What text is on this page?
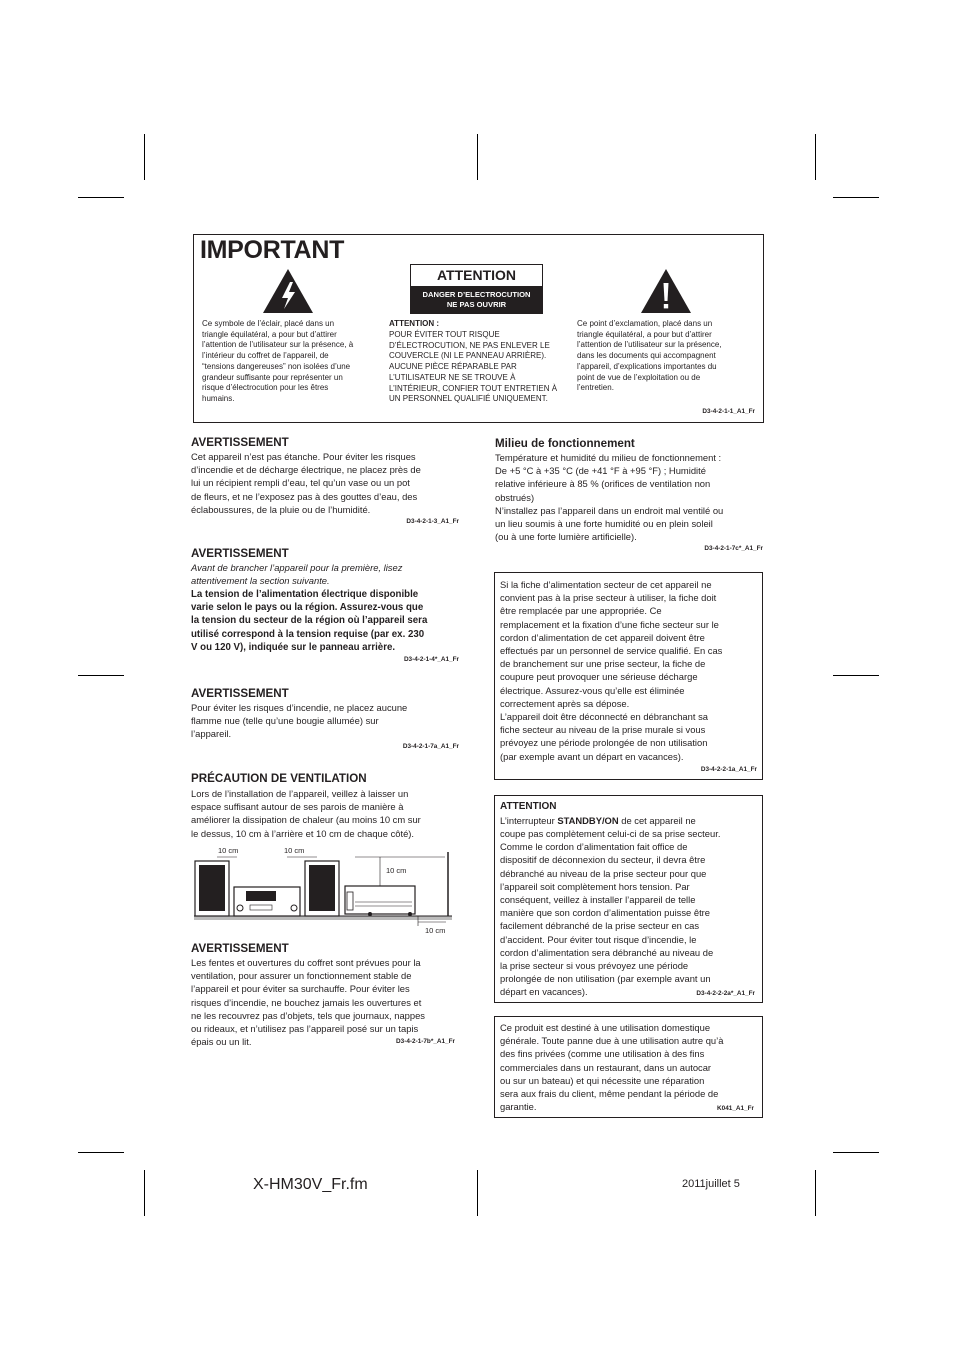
IMPORTANT
ATTENTION
DANGER D’ELECTROCUTION
NE PAS OUVRIR
Ce symbole de l’éclair, placé dans un
triangle équilatéral, a pour but d’attirer
l’attention de l’utilisateur sur la présence, à
l’intérieur du coffret de l’appareil, de
“tensions dangereuses” non isolées d’une
grandeur suffisante pour représenter un
risque d’électrocution pour les êtres
humains.
ATTENTION :
POUR ÉVITER TOUT RISQUE
D’ÉLECTROCUTION, NE PAS ENLEVER LE
COUVERCLE (NI LE PANNEAU ARRIÈRE).
AUCUNE PIÈCE RÉPARABLE PAR
L’UTILISATEUR NE SE TROUVE À
L’INTÉRIEUR, CONFIER TOUT ENTRETIEN À
UN PERSONNEL QUALIFIÉ UNIQUEMENT.
Ce point d’exclamation, placé dans un
triangle équilatéral, a pour but d’attirer
l’attention de l’utilisateur sur la présence,
dans les documents qui accompagnent
l’appareil, d’explications importantes du
point de vue de l’exploitation ou de
l’entretien.
D3-4-2-1-1_A1_Fr
AVERTISSEMENT
Cet appareil n’est pas étanche. Pour éviter les risques
d’incendie et de décharge électrique, ne placez près de
lui un récipient rempli d’eau, tel qu’un vase ou un pot
de fleurs, et ne l’exposez pas à des gouttes d’eau, des
éclaboussures, de la pluie ou de l’humidité.
D3-4-2-1-3_A1_Fr
AVERTISSEMENT
Avant de brancher l’appareil pour la première, lisez
attentivement la section suivante.
La tension de l’alimentation électrique disponible
varie selon le pays ou la région. Assurez-vous que
la tension du secteur de la région où l’appareil sera
utilisé correspond à la tension requise (par ex. 230
V ou 120 V), indiquée sur le panneau arrière.
D3-4-2-1-4*_A1_Fr
AVERTISSEMENT
Pour éviter les risques d’incendie, ne placez aucune
flamme nue (telle qu’une bougie allumée) sur
l’appareil.
D3-4-2-1-7a_A1_Fr
PRÉCAUTION DE VENTILATION
Lors de l’installation de l’appareil, veillez à laisser un
espace suffisant autour de ses parois de manière à
améliorer la dissipation de chaleur (au moins 10 cm sur
le dessus, 10 cm à l’arrière et 10 cm de chaque côté).
10 cm	10 cm
10 cm
10 cm
AVERTISSEMENT
Les fentes et ouvertures du coffret sont prévues pour la
ventilation, pour assurer un fonctionnement stable de
l’appareil et pour éviter sa surchauffe. Pour éviter les
risques d’incendie, ne bouchez jamais les ouvertures et
ne les recouvrez pas d’objets, tels que journaux, nappes
ou rideaux, et n’utilisez pas l’appareil posé sur un tapis
épais ou un lit.	D3-4-2-1-7b*_A1_Fr
Milieu de fonctionnement
Température et humidité du milieu de fonctionnement :
De +5 °C à +35 °C (de +41 °F à +95 °F) ; Humidité
relative inférieure à 85 % (orifices de ventilation non
obstrués)
N’installez pas l’appareil dans un endroit mal ventilé ou
un lieu soumis à une forte humidité ou en plein soleil
(ou à une forte lumière artificielle).
D3-4-2-1-7c*_A1_Fr
Si la fiche d’alimentation secteur de cet appareil ne
convient pas à la prise secteur à utiliser, la fiche doit
être remplacée par une appropriée. Ce
remplacement et la fixation d’une fiche secteur sur le
cordon d’alimentation de cet appareil doivent être
effectués par un personnel de service qualifié. En cas
de branchement sur une prise secteur, la fiche de
coupure peut provoquer une sérieuse décharge
électrique. Assurez-vous qu’elle est éliminée
correctement après sa dépose.
L’appareil doit être déconnecté en débranchant sa
fiche secteur au niveau de la prise murale si vous
prévoyez une période prolongée de non utilisation
(par exemple avant un départ en vacances).
D3-4-2-2-1a_A1_Fr
ATTENTION
L’interrupteur STANDBY/ON de cet appareil ne
coupe pas complètement celui-ci de sa prise secteur.
Comme le cordon d’alimentation fait office de
dispositif de déconnexion du secteur, il devra être
débranché au niveau de la prise secteur pour que
l’appareil soit complètement hors tension. Par
conséquent, veillez à installer l’appareil de telle
manière que son cordon d’alimentation puisse être
facilement débranché de la prise secteur en cas
d’accident. Pour éviter tout risque d’incendie, le
cordon d’alimentation sera débranché au niveau de
la prise secteur si vous prévoyez une période
prolongée de non utilisation (par exemple avant un
départ en vacances).	D3-4-2-2-2a*_A1_Fr
Ce produit est destiné à une utilisation domestique
générale. Toute panne due à une utilisation autre qu’à
des fins privées (comme une utilisation à des fins
commerciales dans un restaurant, dans un autocar
ou sur un bateau) et qui nécessite une réparation
sera aux frais du client, même pendant la période de
garantie.	K041_A1_Fr
X-HM30V_Fr.fm	2011juillet 5
